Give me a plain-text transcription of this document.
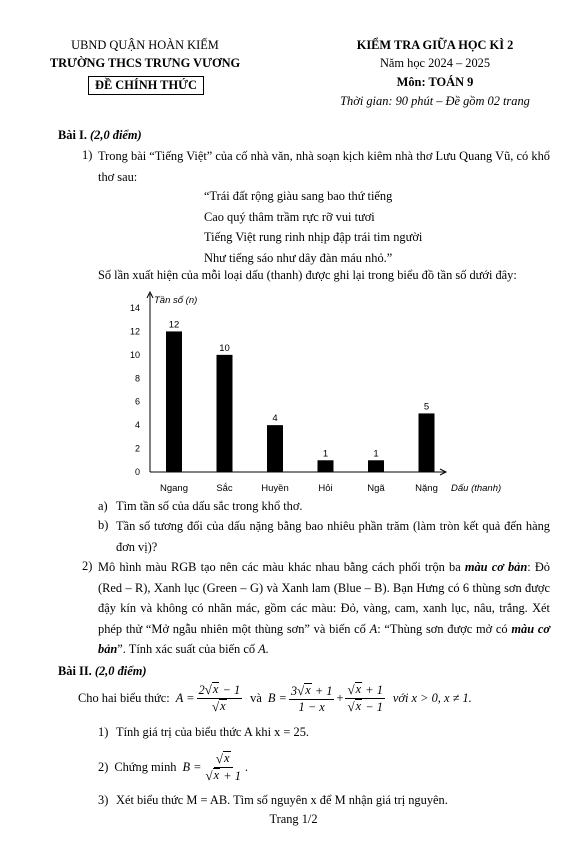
UBND QUẬN HOÀN KIẾM
TRƯỜNG THCS TRƯNG VƯƠNG
ĐỀ CHÍNH THỨC
KIỂM TRA GIỮA HỌC KÌ 2
Năm học 2024 – 2025
Môn: TOÁN 9
Thời gian: 90 phút – Đề gồm 02 trang
Bài I. (2,0 điểm)
1) Trong bài “Tiếng Việt” của cố nhà văn, nhà soạn kịch kiêm nhà thơ Lưu Quang Vũ, có khổ thơ sau:
“Trái đất rộng giàu sang bao thứ tiếng
Cao quý thâm trầm rực rỡ vui tươi
Tiếng Việt rung rinh nhịp đập trái tim người
Như tiếng sáo như dây đàn máu nhỏ.”
Số lần xuất hiện của mỗi loại dấu (thanh) được ghi lại trong biểu đồ tần số dưới đây:
0
2
4
6
8
10
12
14
Tần số (n)
Dấu (thanh)
12
Ngang
10
Sắc
4
Huyền
1
Hỏi
1
Ngã
5
Nặng
a) Tìm tần số của dấu sắc trong khổ thơ.
b) Tần số tương đối của dấu nặng bằng bao nhiêu phần trăm (làm tròn kết quả đến hàng đơn vị)?
2) Mô hình màu RGB tạo nên các màu khác nhau bằng cách phối trộn ba màu cơ bản: Đỏ (Red – R), Xanh lục (Green – G) và Xanh lam (Blue – B). Bạn Hưng có 6 thùng sơn được đậy kín và không có nhãn mác, gồm các màu: Đỏ, vàng, cam, xanh lục, nâu, trắng. Xét phép thử “Mở ngẫu nhiên một thùng sơn” và biến cố A: “Thùng sơn được mở có màu cơ bản”. Tính xác suất của biến cố A.
Bài II. (2,0 điểm)
Cho hai biểu thức: $A = \frac{2 √ x - 1}{√ x}$ và $B = \frac{3 √ x + 1}{1 - x} + \frac{√ x + 1}{√ x - 1}$ với x > 0, x ≠ 1.
1) Tính giá trị của biểu thức A khi x = 25.
2) Chứng minh $B = \frac{√ x}{√ x + 1}$ .
3) Xét biểu thức M = AB. Tìm số nguyên x để M nhận giá trị nguyên.
Trang 1/2
